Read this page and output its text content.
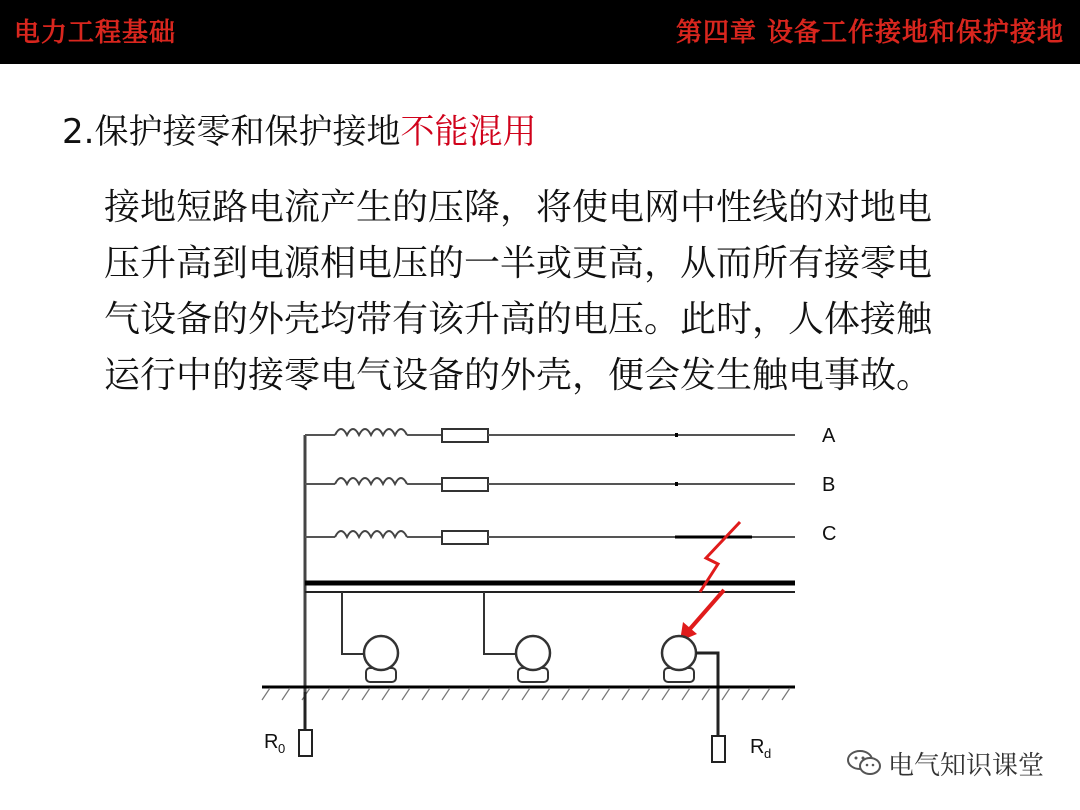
电力工程基础	第四章 设备工作接地和保护接地
2.保护接零和保护接地不能混用
接地短路电流产生的压降，将使电网中性线的对地电
压升高到电源相电压的一半或更高，从而所有接零电
气设备的外壳均带有该升高的电压。此时，人体接触
运行中的接零电气设备的外壳，便会发生触电事故。
A
B
C
R 0	R d	电气知识课堂
